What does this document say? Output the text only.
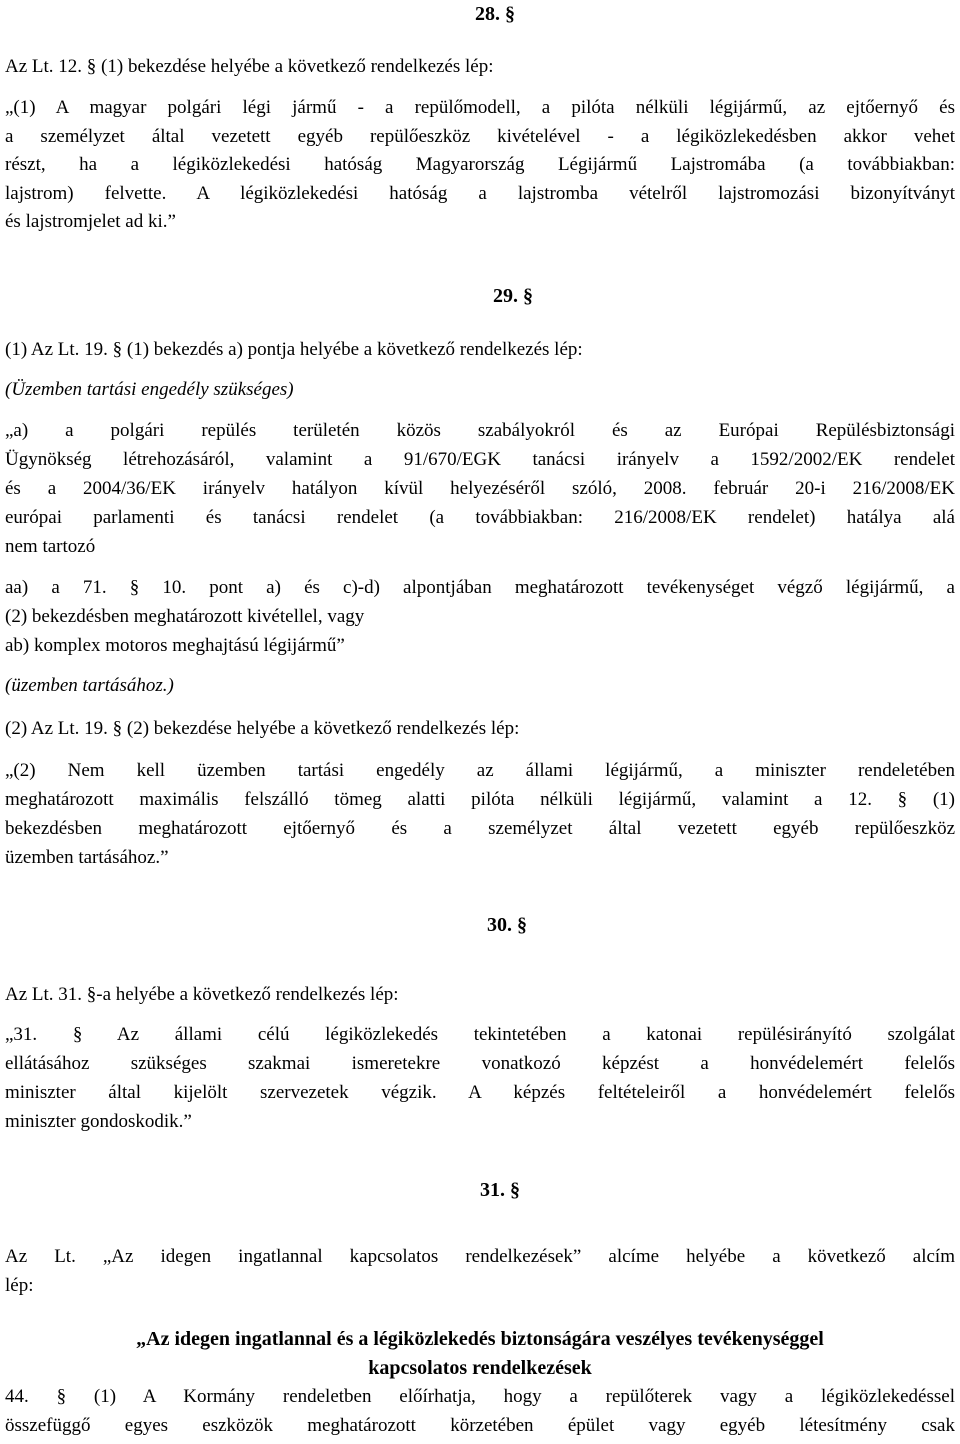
28. §
Az Lt. 12. § (1) bekezdése helyébe a következő rendelkezés lép:
„(1) A magyar polgári légi jármű - a repülőmodell, a pilóta nélküli légijármű, az ejtőernyő és
a személyzet által vezetett egyéb repülőeszköz kivételével - a légiközlekedésben akkor vehet
részt, ha a légiközlekedési hatóság Magyarország Légijármű Lajstromába (a továbbiakban:
lajstrom) felvette. A légiközlekedési hatóság a lajstromba vételről lajstromozási bizonyítványt
és lajstromjelet ad ki.”
29. §
(1) Az Lt. 19. § (1) bekezdés a) pontja helyébe a következő rendelkezés lép:
(Üzemben tartási engedély szükséges)
„a) a polgári repülés területén közös szabályokról és az Európai Repülésbiztonsági
Ügynökség létrehozásáról, valamint a 91/670/EGK tanácsi irányelv a 1592/2002/EK rendelet
és a 2004/36/EK irányelv hatályon kívül helyezéséről szóló, 2008. február 20-i 216/2008/EK
európai parlamenti és tanácsi rendelet (a továbbiakban: 216/2008/EK rendelet) hatálya alá
nem tartozó
aa) a 71. § 10. pont a) és c)-d) alpontjában meghatározott tevékenységet végző légijármű, a
(2) bekezdésben meghatározott kivétellel, vagy
ab) komplex motoros meghajtású légijármű”
(üzemben tartásához.)
(2) Az Lt. 19. § (2) bekezdése helyébe a következő rendelkezés lép:
„(2) Nem kell üzemben tartási engedély az állami légijármű, a miniszter rendeletében
meghatározott maximális felszálló tömeg alatti pilóta nélküli légijármű, valamint a 12. § (1)
bekezdésben meghatározott ejtőernyő és a személyzet által vezetett egyéb repülőeszköz
üzemben tartásához.”
30. §
Az Lt. 31. §-a helyébe a következő rendelkezés lép:
„31. § Az állami célú légiközlekedés tekintetében a katonai repülésirányító szolgálat
ellátásához szükséges szakmai ismeretekre vonatkozó képzést a honvédelemért felelős
miniszter által kijelölt szervezetek végzik. A képzés feltételeiről a honvédelemért felelős
miniszter gondoskodik.”
31. §
Az Lt. „Az idegen ingatlannal kapcsolatos rendelkezések” alcíme helyébe a következő alcím
lép:
„Az idegen ingatlannal és a légiközlekedés biztonságára veszélyes tevékenységgel
kapcsolatos rendelkezések
44. § (1) A Kormány rendeletben előírhatja, hogy a repülőterek vagy a légiközlekedéssel
összefüggő egyes eszközök meghatározott körzetében épület vagy egyéb létesítmény csak
